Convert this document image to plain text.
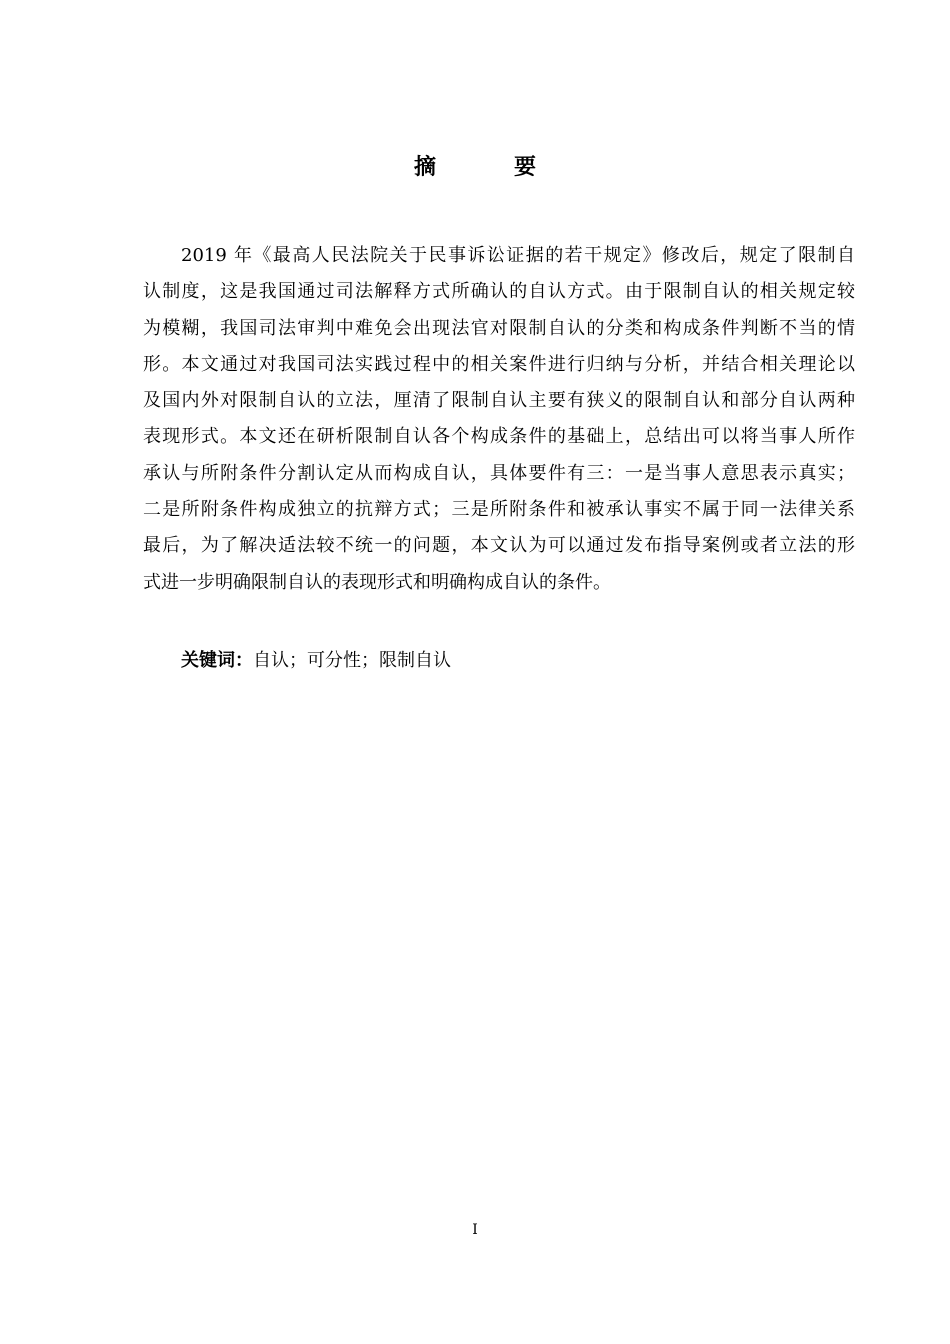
摘　要
2019 年《最高人民法院关于民事诉讼证据的若干规定》修改后，规定了限制自
认制度，这是我国通过司法解释方式所确认的自认方式。由于限制自认的相关规定较
为模糊，我国司法审判中难免会出现法官对限制自认的分类和构成条件判断不当的情
形。本文通过对我国司法实践过程中的相关案件进行归纳与分析，并结合相关理论以
及国内外对限制自认的立法，厘清了限制自认主要有狭义的限制自认和部分自认两种
表现形式。本文还在研析限制自认各个构成条件的基础上，总结出可以将当事人所作
承认与所附条件分割认定从而构成自认，具体要件有三：一是当事人意思表示真实；
二是所附条件构成独立的抗辩方式；三是所附条件和被承认事实不属于同一法律关系
最后，为了解决适法较不统一的问题，本文认为可以通过发布指导案例或者立法的形
式进一步明确限制自认的表现形式和明确构成自认的条件。
关键词：自认；可分性；限制自认
I
